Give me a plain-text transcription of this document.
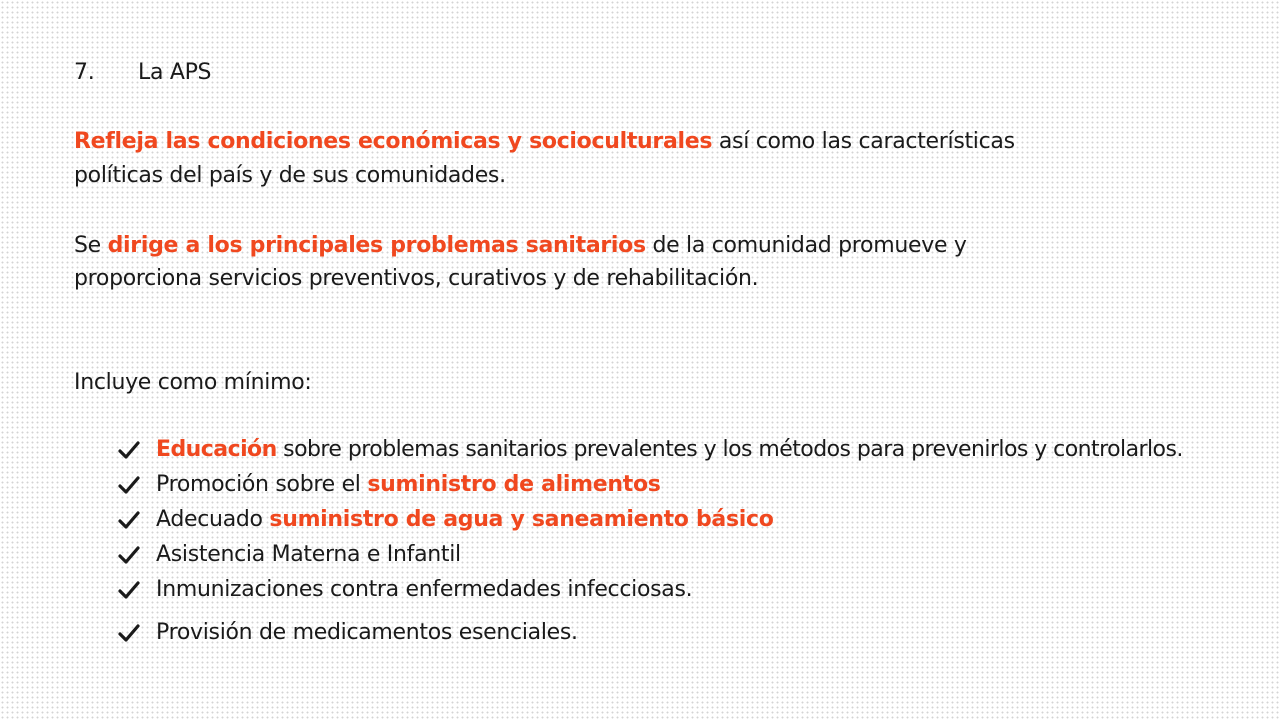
7. La APS
Refleja las condiciones económicas y socioculturales así como las características
políticas del país y de sus comunidades.
Se dirige a los principales problemas sanitarios de la comunidad promueve y
proporciona servicios preventivos, curativos y de rehabilitación.
Incluye como mínimo:
Educación sobre problemas sanitarios prevalentes y los métodos para prevenirlos y controlarlos.
Promoción sobre el suministro de alimentos
Adecuado suministro de agua y saneamiento básico
Asistencia Materna e Infantil
Inmunizaciones contra enfermedades infecciosas.
Provisión de medicamentos esenciales.
